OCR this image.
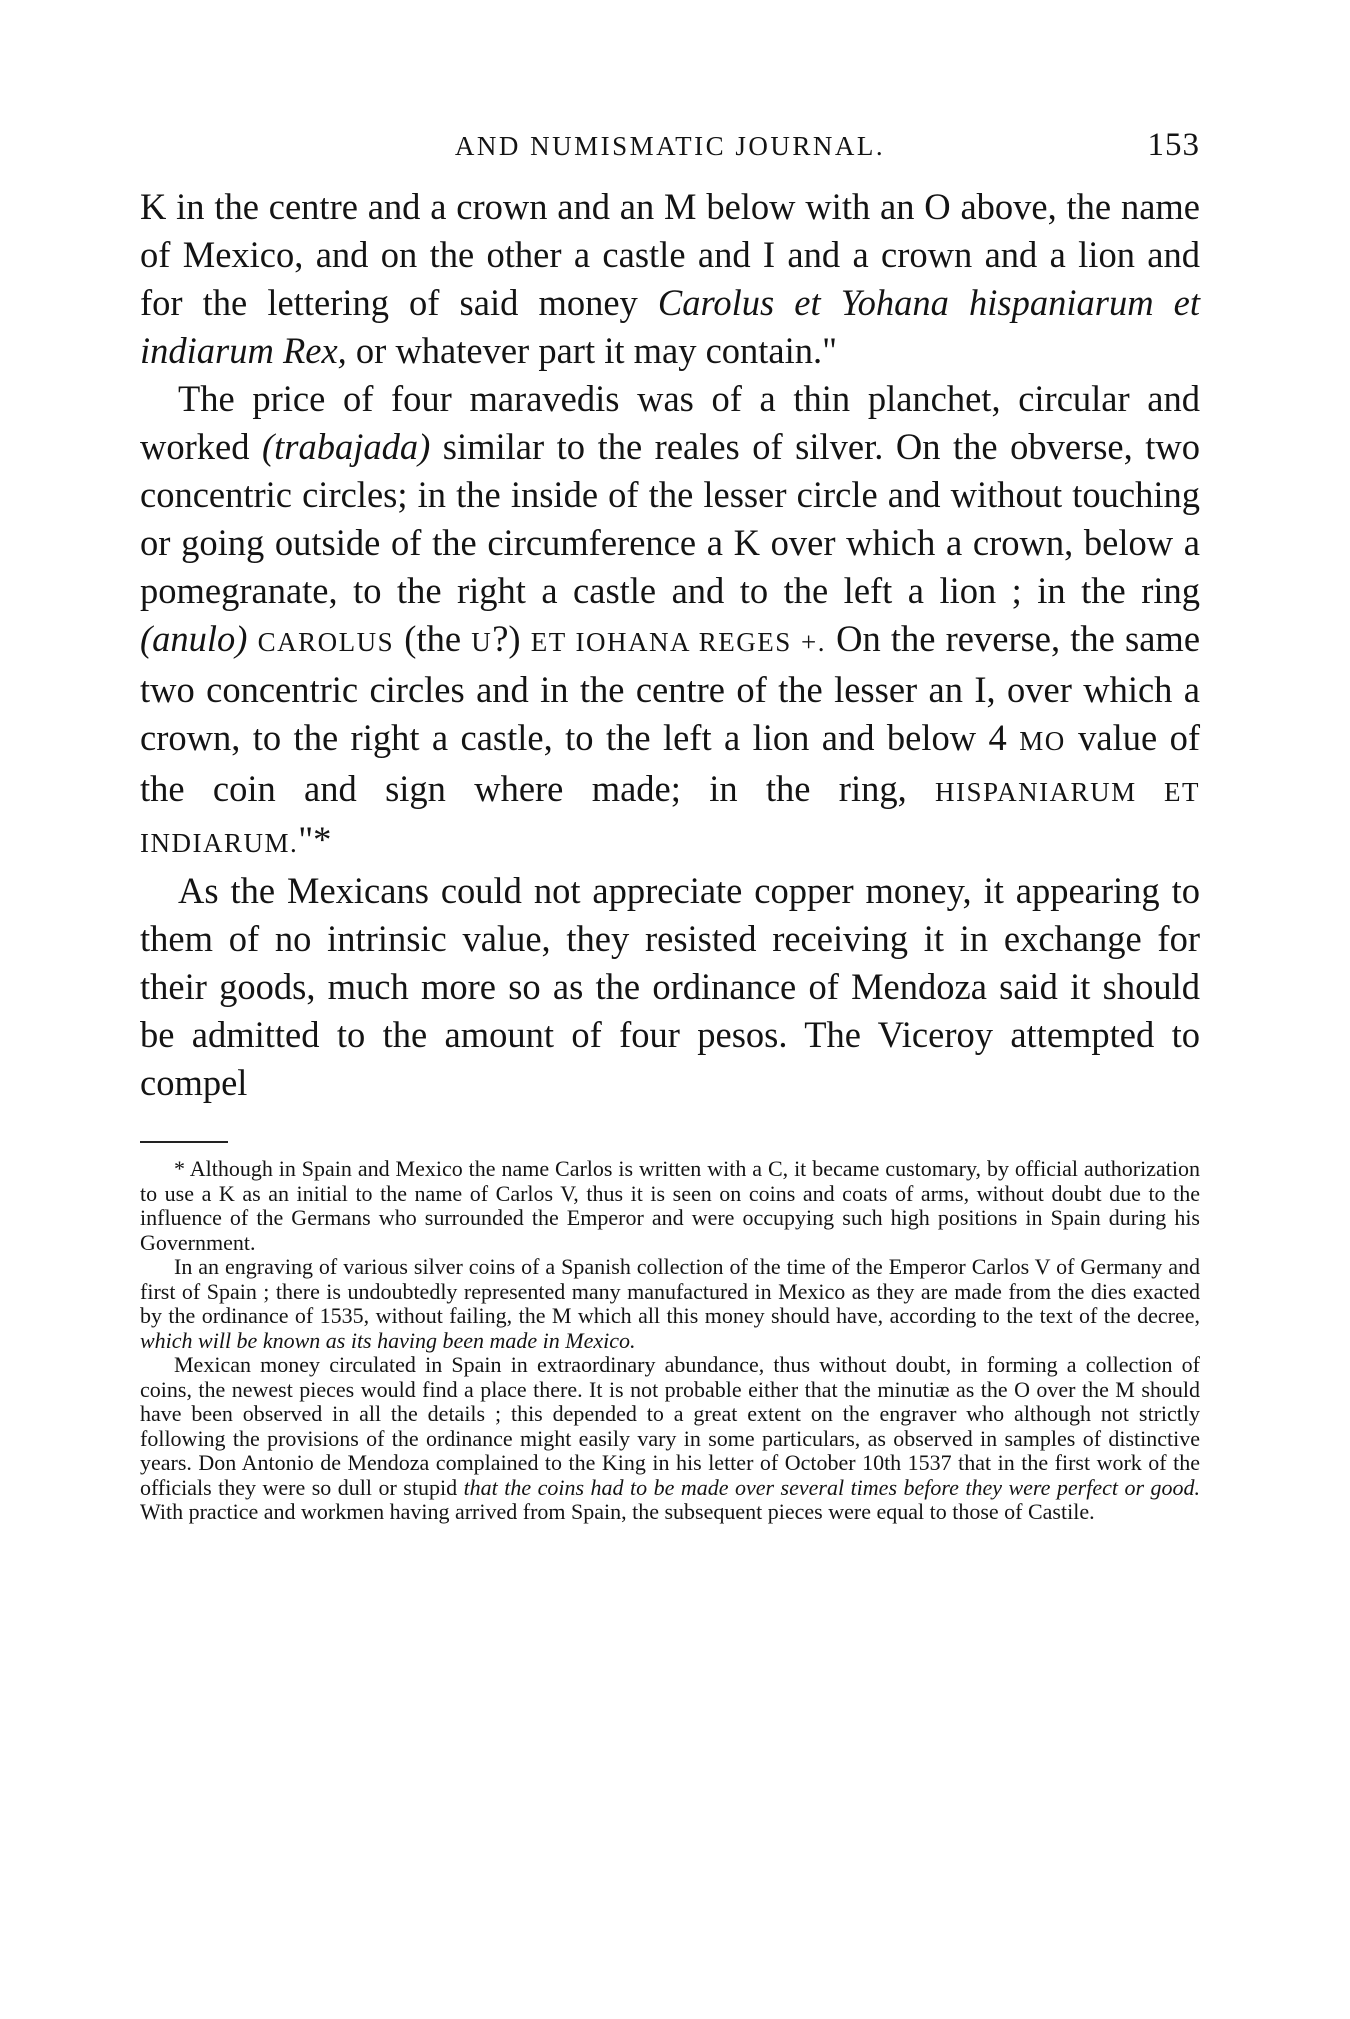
AND NUMISMATIC JOURNAL.	153

K in the centre and a crown and an M below with an O above, the name of Mexico, and on the other a castle and I and a crown and a lion and for the lettering of said money Carolus et Yohana hispaniarum et indiarum Rex, or whatever part it may contain."

The price of four maravedis was of a thin planchet, circular and worked (trabajada) similar to the reales of silver. On the obverse, two concentric circles; in the inside of the lesser circle and without touching or going outside of the circumference a K over which a crown, below a pomegranate, to the right a castle and to the left a lion ; in the ring (anulo) CAROLUS (the U?) ET IOHANA REGES +. On the reverse, the same two concentric circles and in the centre of the lesser an I, over which a crown, to the right a castle, to the left a lion and below 4 MO value of the coin and sign where made; in the ring, HISPANIARUM ET INDIARUM."*

As the Mexicans could not appreciate copper money, it appearing to them of no intrinsic value, they resisted receiving it in exchange for their goods, much more so as the ordinance of Mendoza said it should be admitted to the amount of four pesos. The Viceroy attempted to compel

* Although in Spain and Mexico the name Carlos is written with a C, it became customary, by official authorization to use a K as an initial to the name of Carlos V, thus it is seen on coins and coats of arms, without doubt due to the influence of the Germans who surrounded the Emperor and were occupying such high positions in Spain during his Government.

In an engraving of various silver coins of a Spanish collection of the time of the Emperor Carlos V of Germany and first of Spain ; there is undoubtedly represented many manufactured in Mexico as they are made from the dies exacted by the ordinance of 1535, without failing, the M which all this money should have, according to the text of the decree, which will be known as its having been made in Mexico.

Mexican money circulated in Spain in extraordinary abundance, thus without doubt, in forming a collection of coins, the newest pieces would find a place there. It is not probable either that the minutiæ as the O over the M should have been observed in all the details ; this depended to a great extent on the engraver who although not strictly following the provisions of the ordinance might easily vary in some particulars, as observed in samples of distinctive years. Don Antonio de Mendoza complained to the King in his letter of October 10th 1537 that in the first work of the officials they were so dull or stupid that the coins had to be made over several times before they were perfect or good. With practice and workmen having arrived from Spain, the subsequent pieces were equal to those of Castile.
